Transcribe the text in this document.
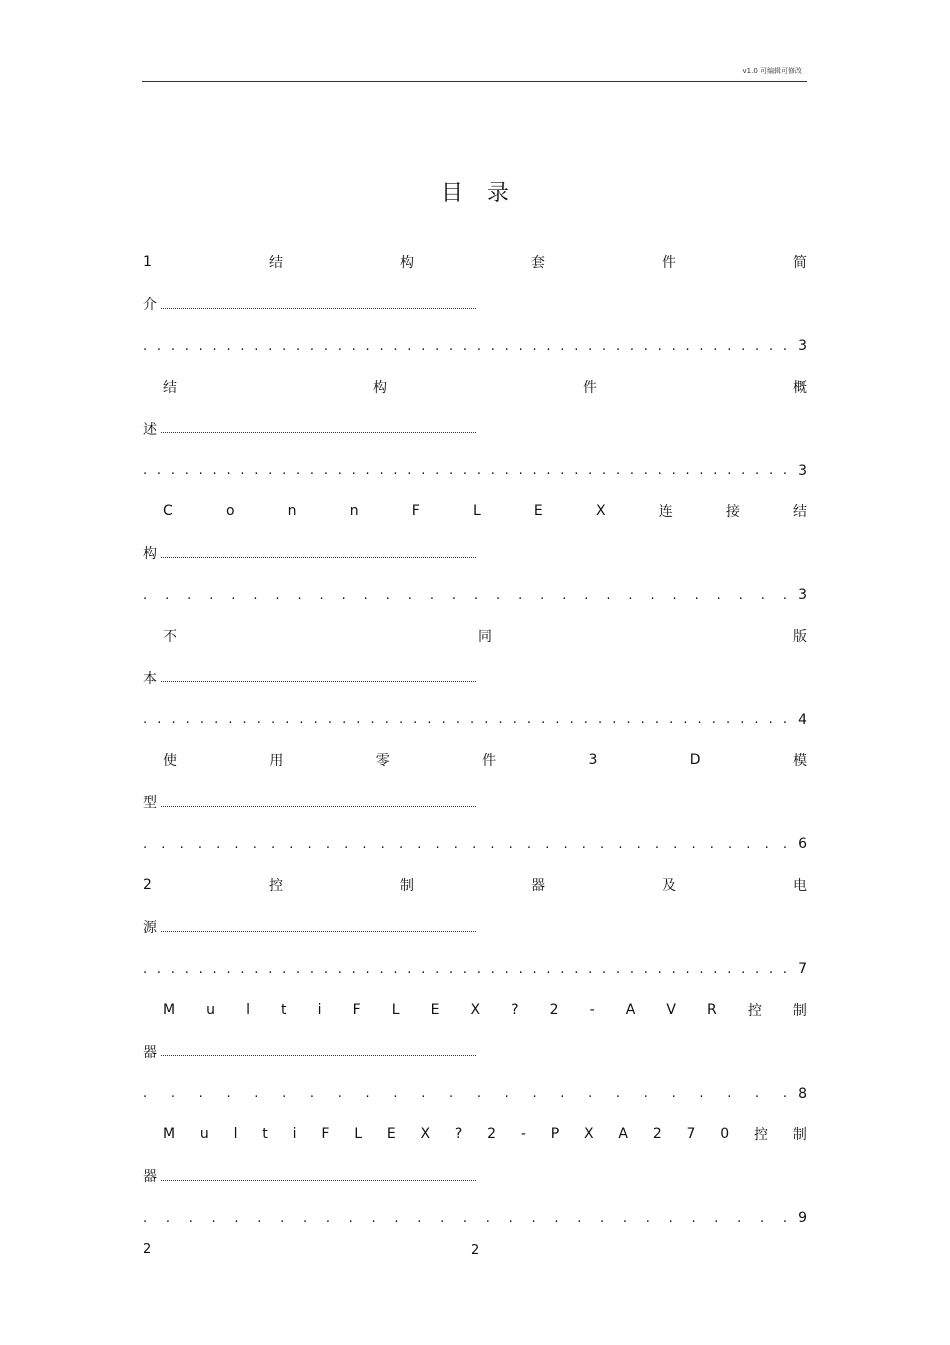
v1.0 可编辑可修改
目录
1	结	构	套	件	简
介
. . . . . . . . . . . . . . . . . . . . . . . . . . . . . . . . . . . . . . . . . . . . . . . 3
结	构	件	概
述
. . . . . . . . . . . . . . . . . . . . . . . . . . . . . . . . . . . . . . . . . . . . . . . 3
C	o	n	n	F	L	E	X	连	接	结
构
. . . . . . . . . . . . . . . . . . . . . . . . . . . . . . 3
不	同	版
本
. . . . . . . . . . . . . . . . . . . . . . . . . . . . . . . . . . . . . . . . . . . . . . 4
使	用	零	件	3	D	模
型
. . . . . . . . . . . . . . . . . . . . . . . . . . . . . . . . . . . . 6
2	控	制	器	及	电
源
. . . . . . . . . . . . . . . . . . . . . . . . . . . . . . . . . . . . . . . . . . . . . . . 7
M u l t i F L E X ? 2 - A V R 控 制
器
. . . . . . . . . . . . . . . . . . . . . . . . 8
M u l t i F L E X ? 2 - P X A 2 7 0 控 制
器
. . . . . . . . . . . . . . . . . . . . . . . . . . . . . 9
2	2
